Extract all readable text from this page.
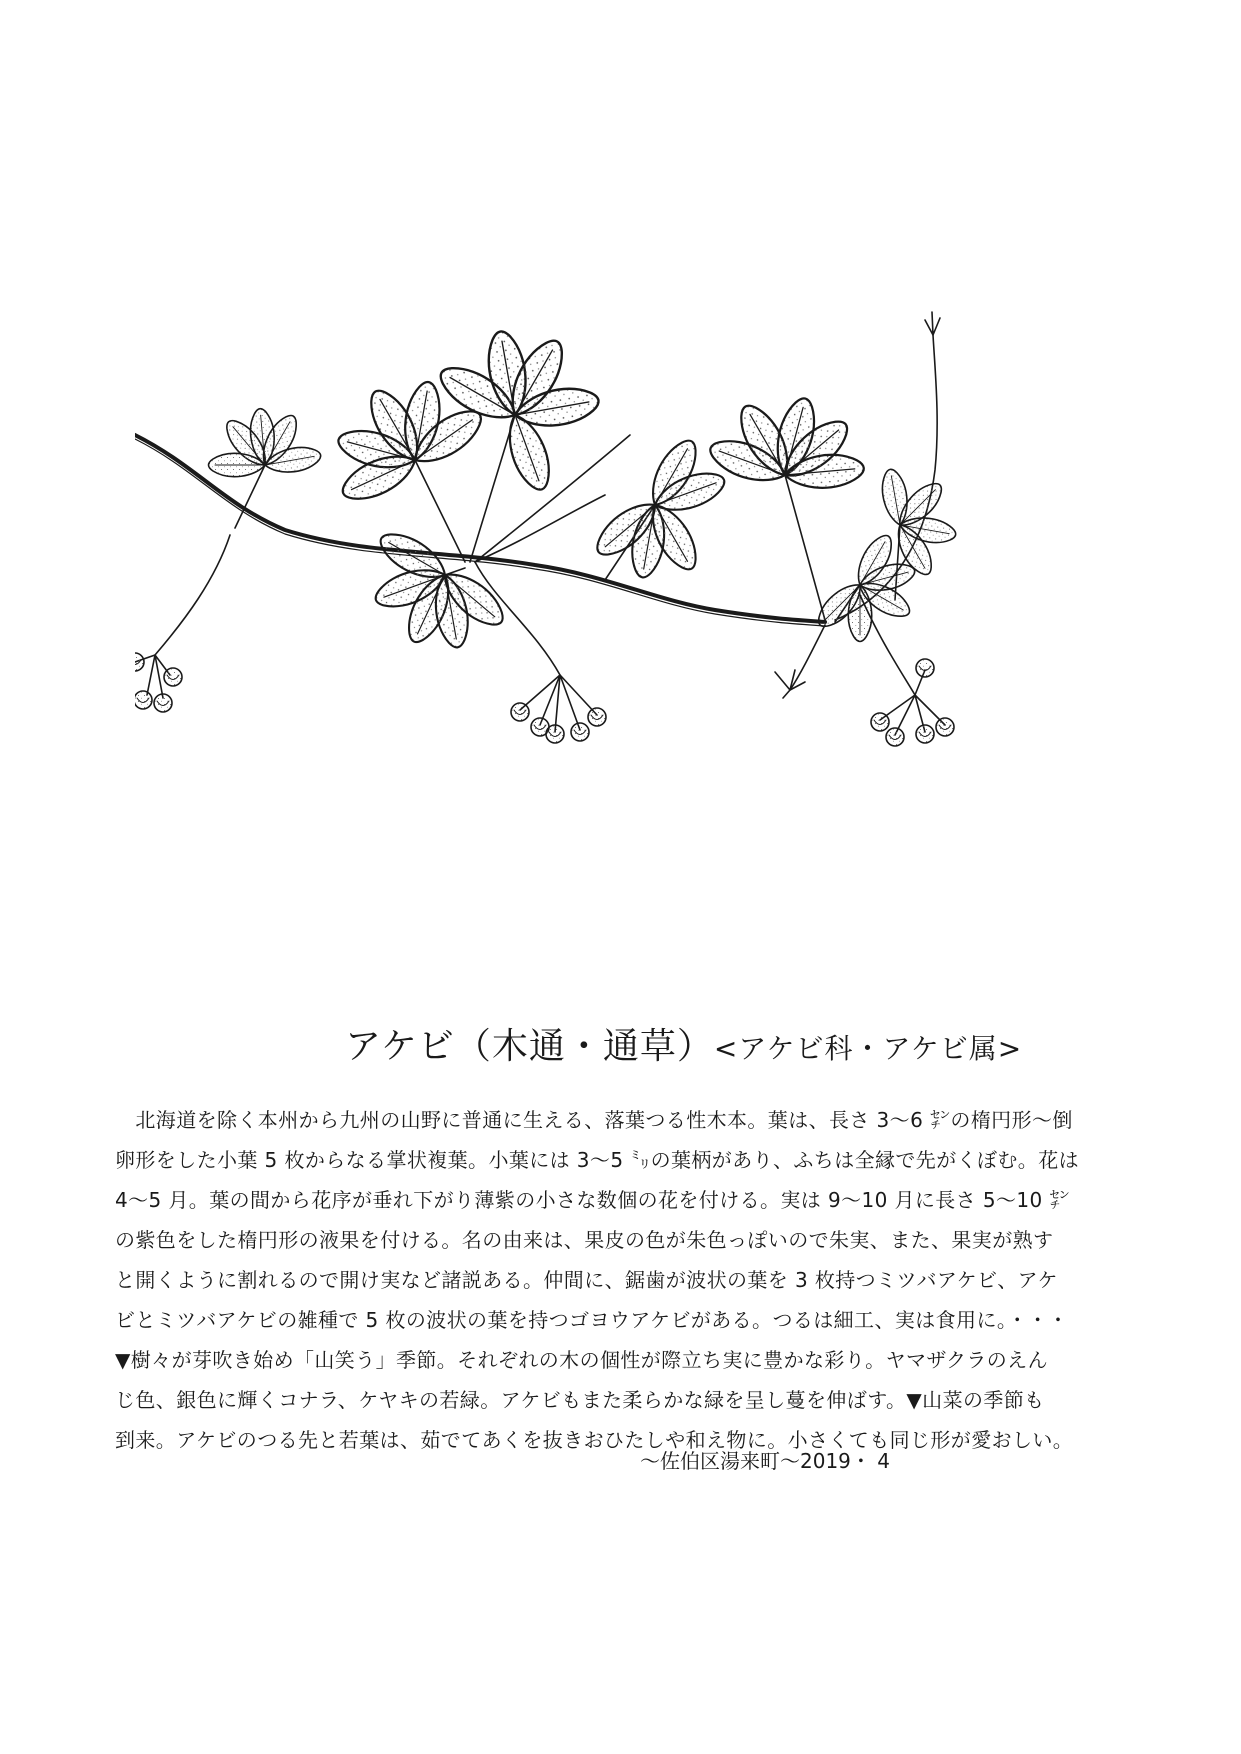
アケビ（木通・通草）<アケビ科・アケビ属>

　北海道を除く本州から九州の山野に普通に生える、落葉つる性木本。葉は、長さ 3〜6 ㌢の楕円形〜倒

卵形をした小葉 5 枚からなる掌状複葉。小葉には 3〜5 ㍉の葉柄があり、ふちは全縁で先がくぼむ。花は

4〜5 月。葉の間から花序が垂れ下がり薄紫の小さな数個の花を付ける。実は 9〜10 月に長さ 5〜10 ㌢

の紫色をした楕円形の液果を付ける。名の由来は、果皮の色が朱色っぽいので朱実、また、果実が熟す

と開くように割れるので開け実など諸説ある。仲間に、鋸歯が波状の葉を 3 枚持つミツバアケビ、アケ

ビとミツバアケビの雑種で 5 枚の波状の葉を持つゴヨウアケビがある。つるは細工、実は食用に。・・・

▼樹々が芽吹き始め「山笑う」季節。それぞれの木の個性が際立ち実に豊かな彩り。ヤマザクラのえん

じ色、銀色に輝くコナラ、ケヤキの若緑。アケビもまた柔らかな緑を呈し蔓を伸ばす。▼山菜の季節も

到来。アケビのつる先と若葉は、茹でてあくを抜きおひたしや和え物に。小さくても同じ形が愛おしい。

〜佐伯区湯来町〜2019・ 4
